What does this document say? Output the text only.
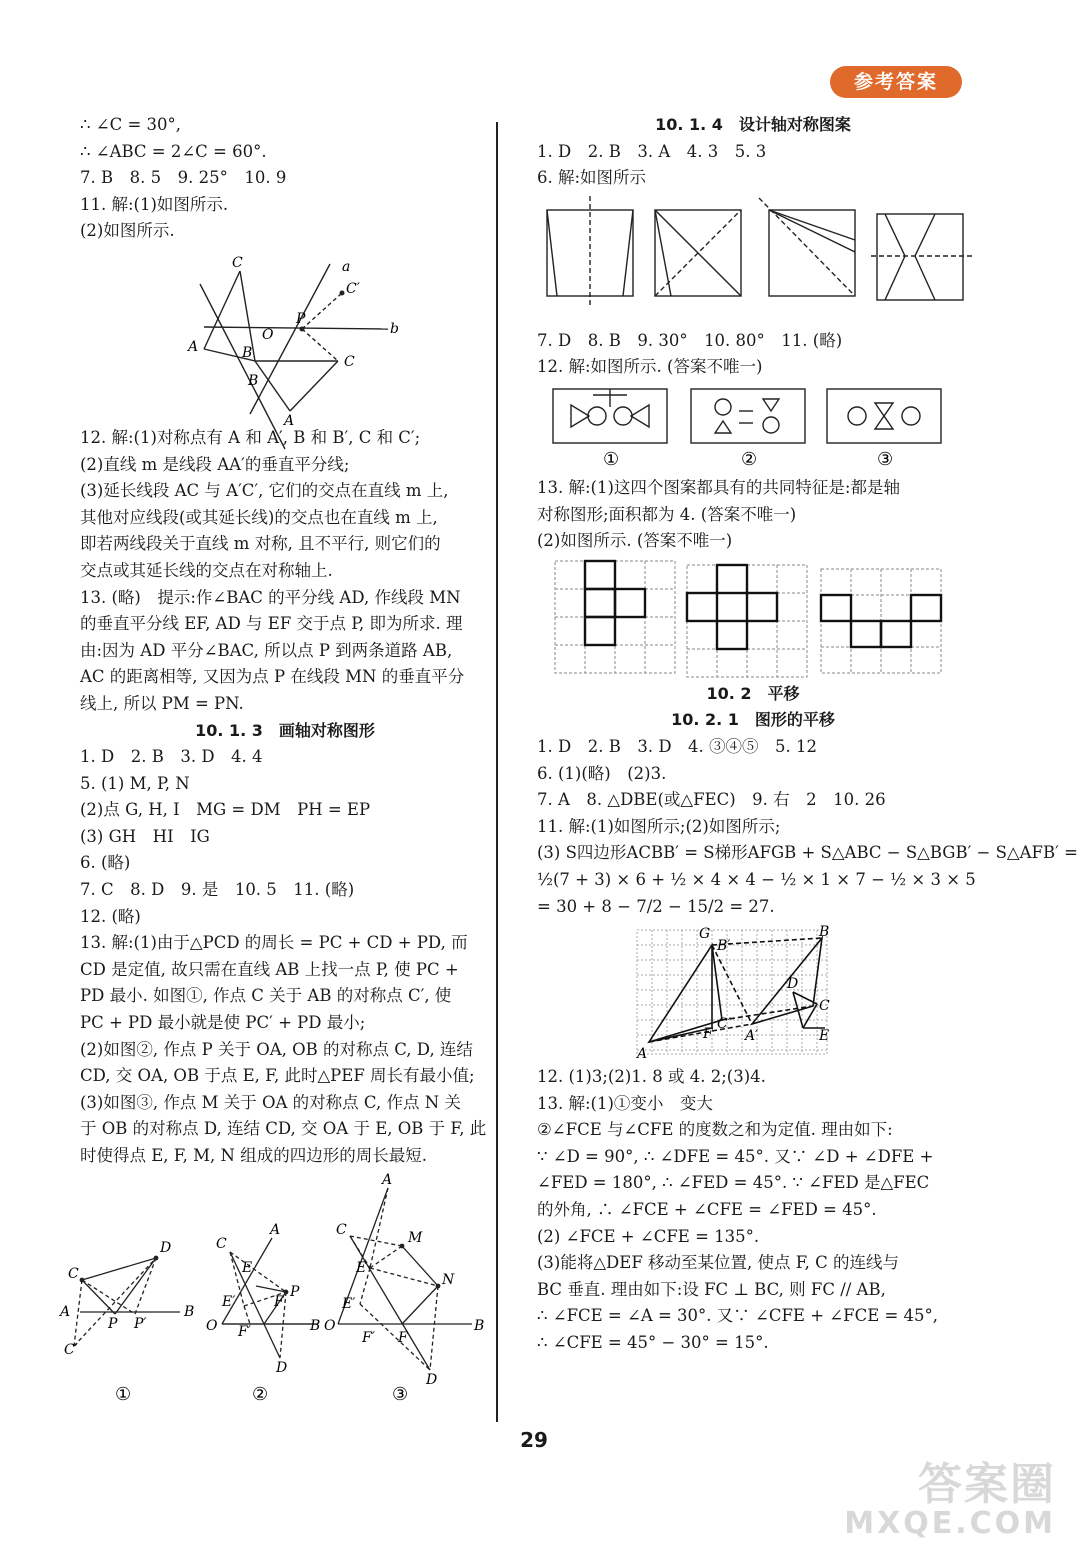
参考答案
∴ ∠C = 30°,
∴ ∠ABC = 2∠C = 60°.
7. B　8. 5　9. 25°　10. 9
11. 解:(1)如图所示.
(2)如图所示.
C	a
C′
A	B
O
P
b
C
B
A
12. 解:(1)对称点有 A 和 A′, B 和 B′, C 和 C′;
(2)直线 m 是线段 AA′的垂直平分线;
(3)延长线段 AC 与 A′C′, 它们的交点在直线 m 上,
其他对应线段(或其延长线)的交点也在直线 m 上,
即若两线段关于直线 m 对称, 且不平行, 则它们的
交点或其延长线的交点在对称轴上.
13. (略)　提示:作∠BAC 的平分线 AD, 作线段 MN
的垂直平分线 EF, AD 与 EF 交于点 P, 即为所求. 理
由:因为 AD 平分∠BAC, 所以点 P 到两条道路 AB,
AC 的距离相等, 又因为点 P 在线段 MN 的垂直平分
线上, 所以 PM = PN.
10. 1. 3　画轴对称图形
1. D　2. B　3. D　4. 4
5. (1) M, P, N
(2)点 G, H, I　MG = DM　PH = EP
(3) GH　HI　IG
6. (略)
7. C　8. D　9. 是　10. 5　11. (略)
12. (略)
13. 解:(1)由于△PCD 的周长 = PC + CD + PD, 而
CD 是定值, 故只需在直线 AB 上找一点 P, 使 PC +
PD 最小. 如图①, 作点 C 关于 AB 的对称点 C′, 使
PC + PD 最小就是使 PC′ + PD 最小;
(2)如图②, 作点 P 关于 OA, OB 的对称点 C, D, 连结
CD, 交 OA, OB 于点 E, F, 此时△PEF 周长有最小值;
(3)如图③, 作点 M 关于 OA 的对称点 C, 作点 N 关
于 OB 的对称点 D, 连结 CD, 交 OA 于 E, OB 于 F, 此
时使得点 E, F, M, N 组成的四边形的周长最短.
C
D
A	B
P P′
C′
C
A
E
E′
P
F
O	B
F′
D
C
A
M
E
E′
N
F
O	B
F′
D
①	②	③
10. 1. 4　设计轴对称图案
1. D　2. B　3. A　4. 3　5. 3
6. 解:如图所示
7. D　8. B　9. 30°　10. 80°　11. (略)
12. 解:如图所示. (答案不唯一)
①	②	③
13. 解:(1)这四个图案都具有的共同特征是:都是轴
对称图形;面积都为 4. (答案不唯一)
(2)如图所示. (答案不唯一)
10. 2　平移
10. 2. 1　图形的平移
1. D　2. B　3. D　4. ③④⑤　5. 12
6. (1)(略)　(2)3.
7. A　8. △DBE(或△FEC)　9. 右　2　10. 26
11. 解:(1)如图所示;(2)如图所示;
(3) S四边形ACBB′ = S梯形AFGB + S△ABC − S△BGB′ − S△AFB′ =
½(7 + 3) × 6 + ½ × 4 × 4 − ½ × 1 × 7 − ½ × 3 × 5
= 30 + 8 − 7/2 − 15/2 = 27.
G
B′
B
D
C
C′
F A′	E
A
12. (1)3;(2)1. 8 或 4. 2;(3)4.
13. 解:(1)①变小　变大
②∠FCE 与∠CFE 的度数之和为定值. 理由如下:
∵ ∠D = 90°, ∴ ∠DFE = 45°. 又∵ ∠D + ∠DFE +
∠FED = 180°, ∴ ∠FED = 45°. ∵ ∠FED 是△FEC
的外角, ∴ ∠FCE + ∠CFE = ∠FED = 45°.
(2) ∠FCE + ∠CFE = 135°.
(3)能将△DEF 移动至某位置, 使点 F, C 的连线与
BC 垂直. 理由如下:设 FC ⊥ BC, 则 FC // AB,
∴ ∠FCE = ∠A = 30°. 又∵ ∠CFE + ∠FCE = 45°,
∴ ∠CFE = 45° − 30° = 15°.
29
答案圈
MXQE.COM
